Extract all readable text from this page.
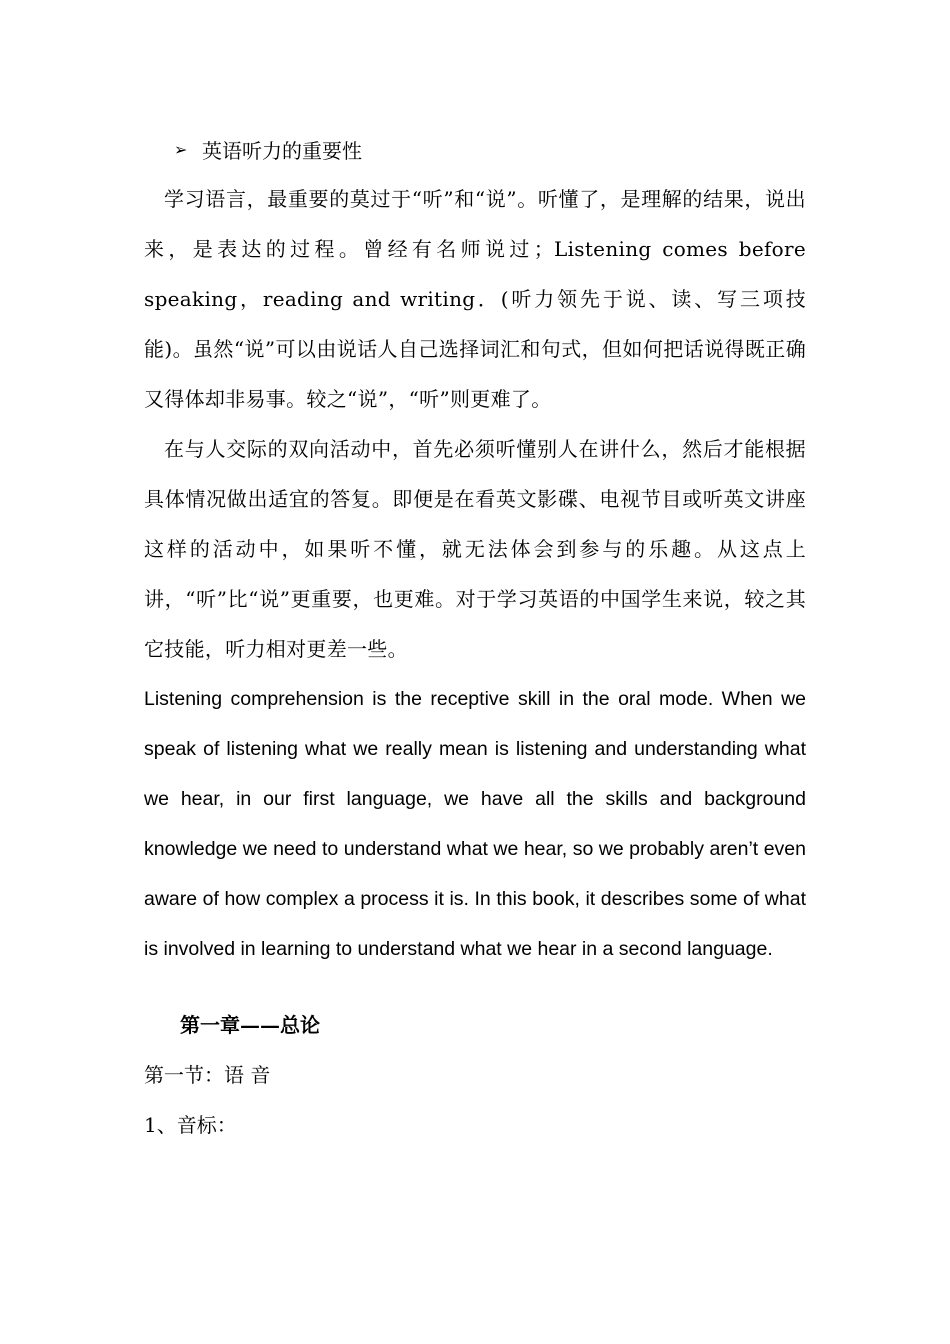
➢ 英语听力的重要性

学习语言，最重要的莫过于“听”和“说”。听懂了，是理解的结果，说出来，是表达的过程。曾经有名师说过；Listening comes before speaking，reading and writing．(听力领先于说、读、写三项技能)。虽然“说”可以由说话人自己选择词汇和句式，但如何把话说得既正确又得体却非易事。较之“说”，“听”则更难了。

在与人交际的双向活动中，首先必须听懂别人在讲什么，然后才能根据具体情况做出适宜的答复。即便是在看英文影碟、电视节目或听英文讲座这样的活动中，如果听不懂，就无法体会到参与的乐趣。从这点上讲，“听”比“说”更重要，也更难。对于学习英语的中国学生来说，较之其它技能，听力相对更差一些。

Listening comprehension is the receptive skill in the oral mode. When we speak of listening what we really mean is listening and understanding what we hear, in our first language, we have all the skills and background knowledge we need to understand what we hear, so we probably aren’t even aware of how complex a process it is. In this book, it describes some of what is involved in learning to understand what we hear in a second language.

第一章——总论

第一节：语 音

1、音标：
